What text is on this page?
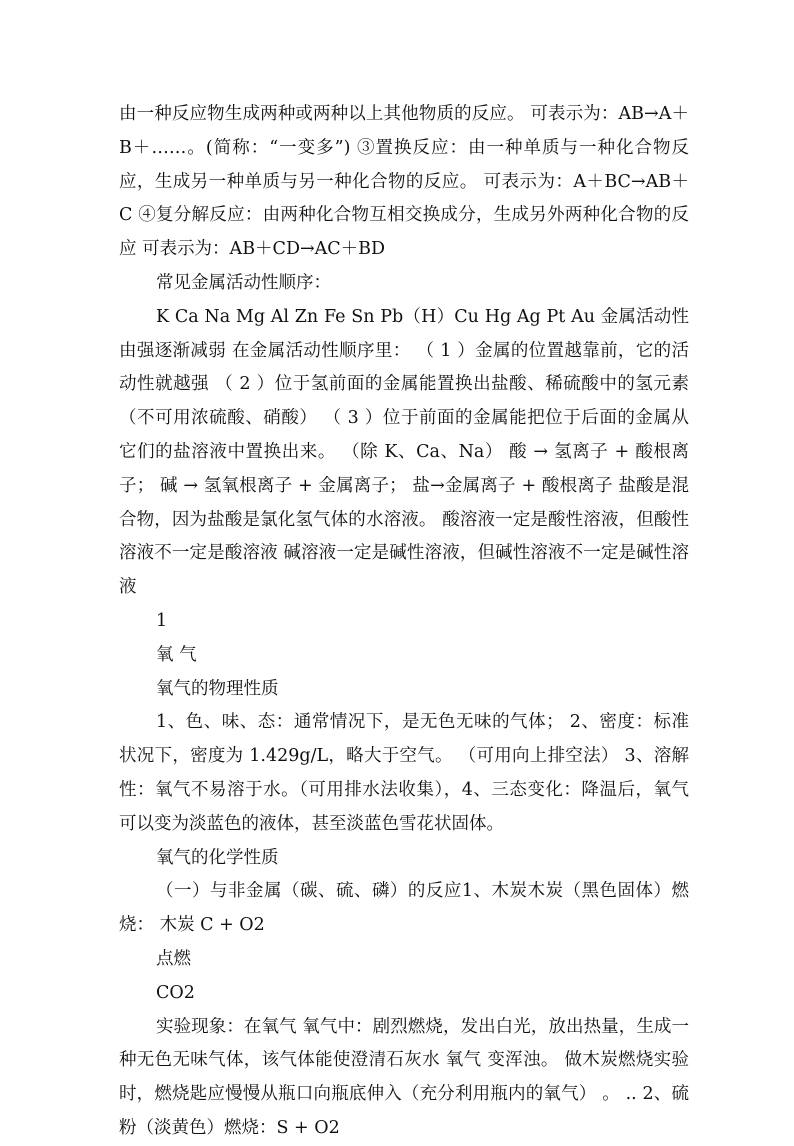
由一种反应物生成两种或两种以上其他物质的反应。 可表示为：AB→A＋B＋……。(简称：“一变多”) ③置换反应：由一种单质与一种化合物反应，生成另一种单质与另一种化合物的反应。 可表示为：A＋BC→AB＋C ④复分解反应：由两种化合物互相交换成分，生成另外两种化合物的反应 可表示为：AB＋CD→AC＋BD

常见金属活动性顺序：

K Ca Na Mg Al Zn Fe Sn Pb（H）Cu Hg Ag Pt Au 金属活动性由强逐渐减弱 在金属活动性顺序里： （ 1 ）金属的位置越靠前，它的活动性就越强 （ 2 ）位于氢前面的金属能置换出盐酸、稀硫酸中的氢元素（不可用浓硫酸、硝酸） （ 3 ）位于前面的金属能把位于后面的金属从它们的盐溶液中置换出来。 （除 K、Ca、Na） 酸 → 氢离子 + 酸根离子； 碱 → 氢氧根离子 + 金属离子； 盐→金属离子 + 酸根离子 盐酸是混合物，因为盐酸是氯化氢气体的水溶液。 酸溶液一定是酸性溶液，但酸性溶液不一定是酸溶液 碱溶液一定是碱性溶液，但碱性溶液不一定是碱性溶液

1

氧 气

氧气的物理性质

1、色、味、态：通常情况下，是无色无味的气体； 2、密度：标准状况下，密度为 1.429g/L，略大于空气。 （可用向上排空法） 3、溶解性：氧气不易溶于水。（可用排水法收集），4、三态变化：降温后，氧气可以变为淡蓝色的液体，甚至淡蓝色雪花状固体。

氧气的化学性质

（一）与非金属（碳、硫、磷）的反应1、木炭木炭（黑色固体）燃烧： 木炭 C + O2

点燃

CO2

实验现象：在氧气 氧气中：剧烈燃烧，发出白光，放出热量，生成一种无色无味气体，该气体能使澄清石灰水 氧气 变浑浊。 做木炭燃烧实验时，燃烧匙应慢慢从瓶口向瓶底伸入（充分利用瓶内的氧气） 。 .. 2、硫粉（淡黄色）燃烧：S + O2
